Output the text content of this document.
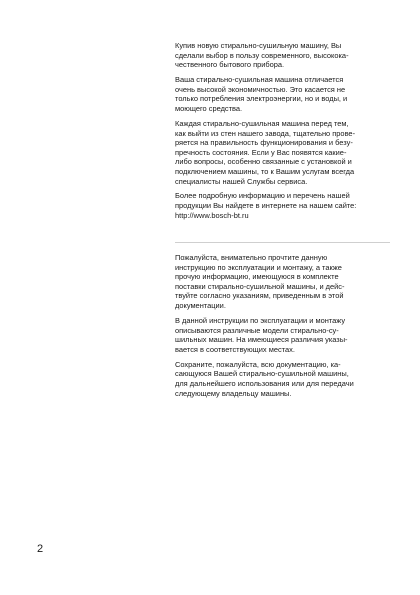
Купив новую стирально-сушильную машину, Вы
сделали выбор в пользу современного, высокока-
чественного бытового прибора.

Ваша стирально-сушильная машина отличается
очень высокой экономичностью. Это касается не
только потребления электроэнергии, но и воды, и
моющего средства.

Каждая стирально-сушильная машина перед тем,
как выйти из стен нашего завода, тщательно прове-
ряется на правильность функционирования и безу-
пречность состояния. Если у Вас появятся какие-
либо вопросы, особенно связанные с установкой и
подключением машины, то к Вашим услугам всегда
специалисты нашей Службы сервиса.

Более подробную информацию и перечень нашей
продукции Вы найдете в интернете на нашем сайте:
http://www.bosch-bt.ru

Пожалуйста, внимательно прочтите данную
инструкцию по эксплуатации и монтажу, а также
прочую информацию, имеющуюся в комплекте
поставки стирально-сушильной машины, и дейс-
твуйте согласно указаниям, приведенным в этой
документации.

В данной инструкции по эксплуатации и монтажу
описываются различные модели стирально-су-
шильных машин. На имеющиеся различия указы-
вается в соответствующих местах.

Сохраните, пожалуйста, всю документацию, ка-
сающуюся Вашей стирально-сушильной машины,
для дальнейшего использования или для передачи
следующему владельцу машины.

2
